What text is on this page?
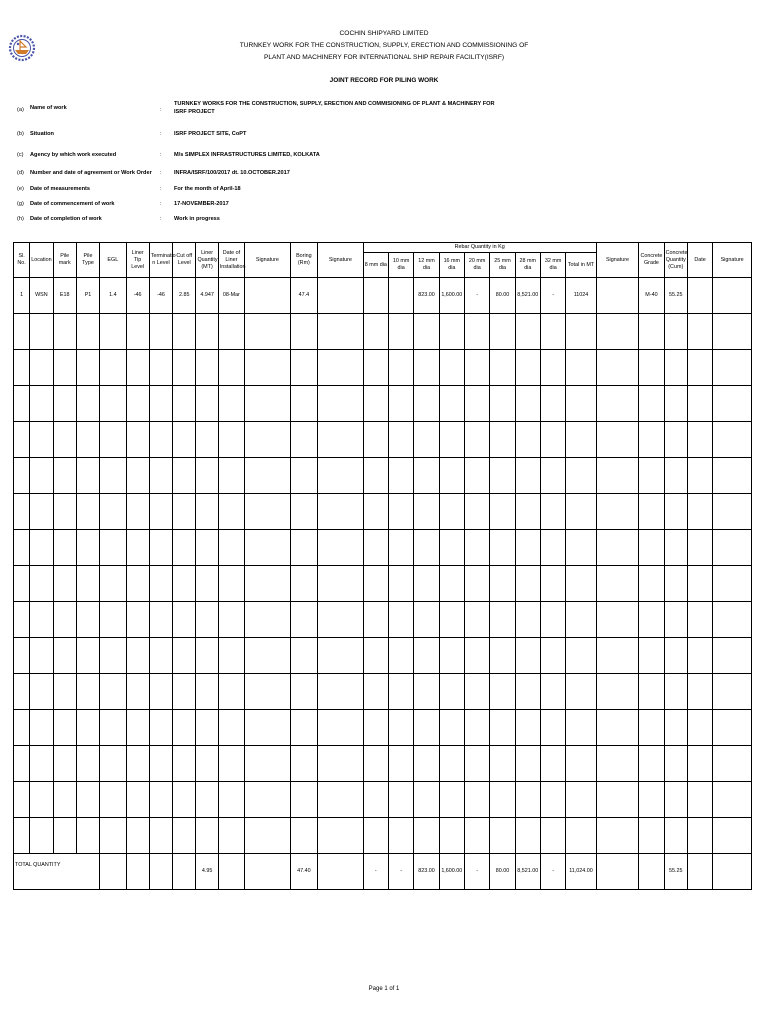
COCHIN SHIPYARD LIMITED
TURNKEY WORK FOR THE CONSTRUCTION, SUPPLY, ERECTION AND COMMISSIONING OF
PLANT AND MACHINERY FOR INTERNATIONAL SHIP REPAIR FACILITY(ISRF)
JOINT RECORD FOR PILING WORK
(a)	Name of work	:
TURNKEY WORKS FOR THE CONSTRUCTION, SUPPLY, ERECTION AND COMMISIONING OF PLANT & MACHINERY FOR
ISRF PROJECT
(b)	Situation	: ISRF PROJECT SITE, CoPT
(c)	Agency by which work executed	: M/s SIMPLEX INFRASTRUCTURES LIMITED, KOLKATA
(d)	Number and date of agreement or Work Order	: INFRA/ISRF/100/2017 dt. 10.OCTOBER.2017
(e)	Date of measurements	: For the month of April-18
(g)	Date of commencement of work	: 17-NOVEMBER-2017
(h)	Date of completion of work	: Work in progress
Sl. No.	Location	Pile mark	Pile Type	EGL	Liner Tip Level	Terminatio n Level	Cut off Level	Liner Quantity (MT)	Date of Liner Installation	Signature	Boring (Rm)	Signature	Rebar Quantity in Kg									Signature	Concrete Grade	Concrete Quantity (Cum)	Date	Signature
													8 mm dia	10 mm dia	12 mm dia	16 mm dia	20 mm dia	25 mm dia	28 mm dia	32 mm dia	Total in MT					
1	WSN	E18	P1	1.4	-46	-46	2.85	4.947	08-Mar		47.4				823.00	1,600.00	-	80.00	8,521.00	-	11024		M-40	55.25		

TOTAL QUANTITY								4.95			47.40		-	-	823.00	1,600.00	-	80.00	8,521.00	-	11,024.00			55.25		
Page 1 of 1
